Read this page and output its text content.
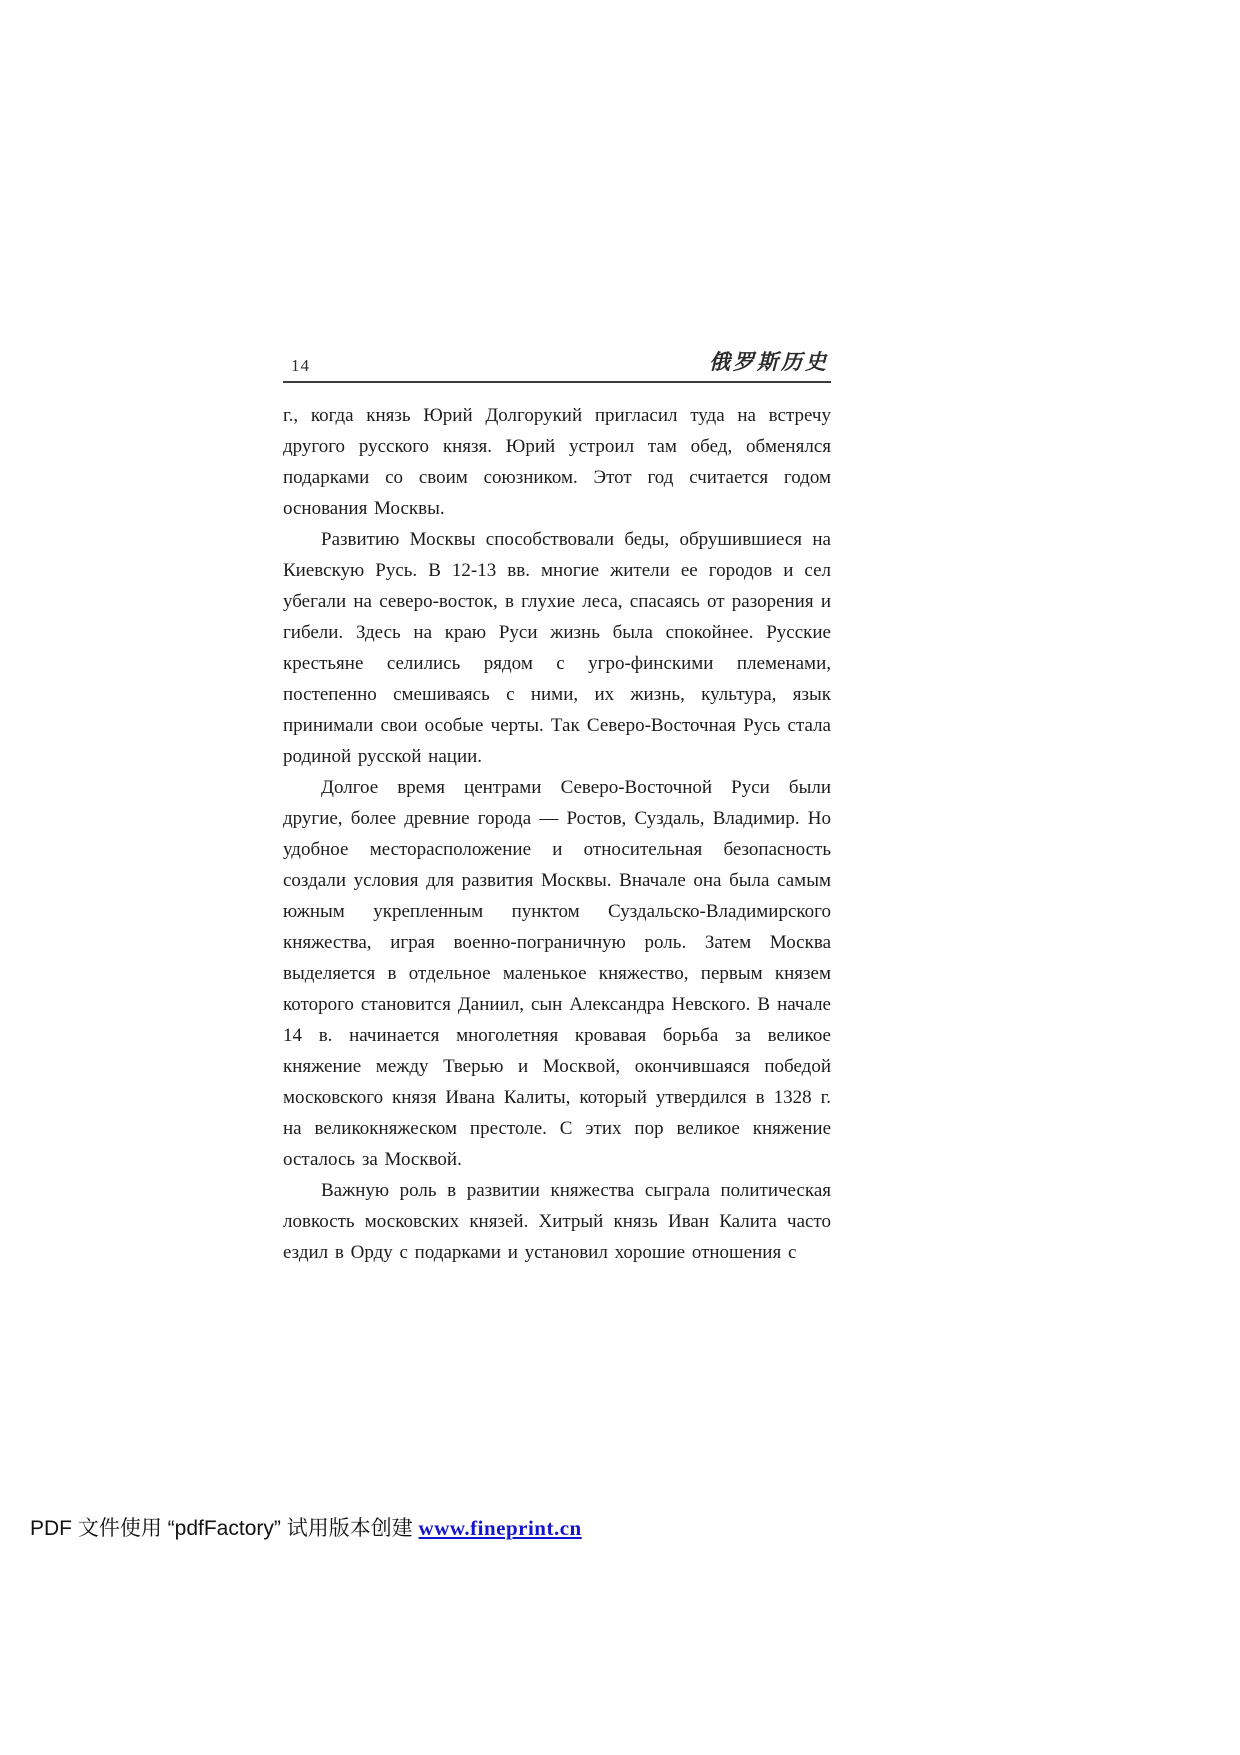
14	俄罗斯历史

г., когда князь Юрий Долгорукий пригласил туда на встречу другого русского князя. Юрий устроил там обед, обменялся подарками со своим союзником. Этот год считается годом основания Москвы.

Развитию Москвы способствовали беды, обрушившиеся на Киевскую Русь. В 12-13 вв. многие жители ее городов и сел убегали на северо-восток, в глухие леса, спасаясь от разорения и гибели. Здесь на краю Руси жизнь была спокойнее. Русские крестьяне селились рядом с угро-финскими племенами, постепенно смешиваясь с ними, их жизнь, культура, язык принимали свои особые черты. Так Северо-Восточная Русь стала родиной русской нации.

Долгое время центрами Северо-Восточной Руси были другие, более древние города — Ростов, Суздаль, Владимир. Но удобное месторасположение и относительная безопасность создали условия для развития Москвы. Вначале она была самым южным укрепленным пунктом Суздальско-Владимирского княжества, играя военно-пограничную роль. Затем Москва выделяется в отдельное маленькое княжество, первым князем которого становится Даниил, сын Александра Невского. В начале 14 в. начинается многолетняя кровавая борьба за великое княжение между Тверью и Москвой, окончившаяся победой московского князя Ивана Калиты, который утвердился в 1328 г. на великокняжеском престоле. С этих пор великое княжение осталось за Москвой.

Важную роль в развитии княжества сыграла политическая ловкость московских князей. Хитрый князь Иван Калита часто ездил в Орду с подарками и установил хорошие отношения с

PDF 文件使用 “pdfFactory” 试用版本创建 www.fineprint.cn
